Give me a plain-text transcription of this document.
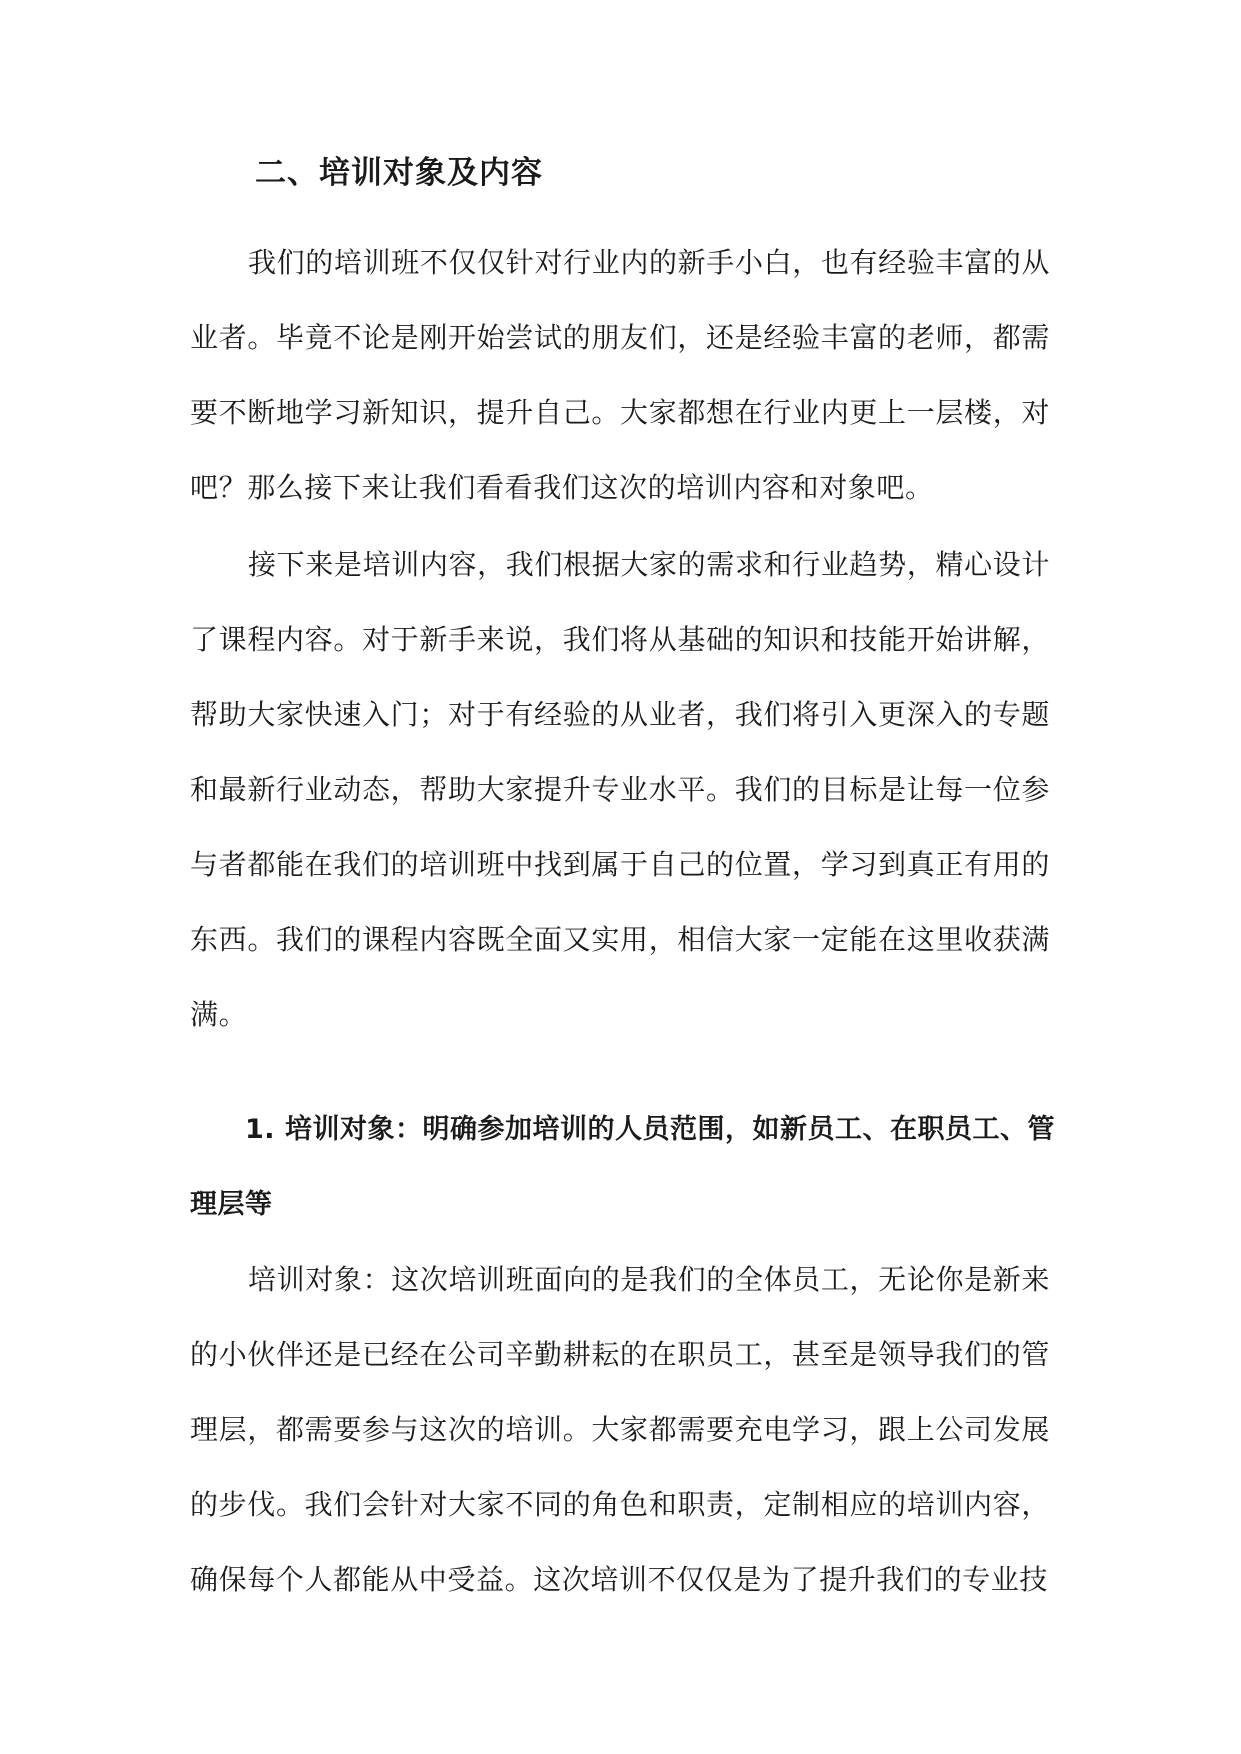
二、培训对象及内容

我们的培训班不仅仅针对行业内的新手小白，也有经验丰富的从业者。毕竟不论是刚开始尝试的朋友们，还是经验丰富的老师，都需要不断地学习新知识，提升自己。大家都想在行业内更上一层楼，对吧？那么接下来让我们看看我们这次的培训内容和对象吧。

接下来是培训内容，我们根据大家的需求和行业趋势，精心设计了课程内容。对于新手来说，我们将从基础的知识和技能开始讲解，帮助大家快速入门；对于有经验的从业者，我们将引入更深入的专题和最新行业动态，帮助大家提升专业水平。我们的目标是让每一位参与者都能在我们的培训班中找到属于自己的位置，学习到真正有用的东西。我们的课程内容既全面又实用，相信大家一定能在这里收获满满。

1. 培训对象：明确参加培训的人员范围，如新员工、在职员工、管理层等

培训对象：这次培训班面向的是我们的全体员工，无论你是新来的小伙伴还是已经在公司辛勤耕耘的在职员工，甚至是领导我们的管理层，都需要参与这次的培训。大家都需要充电学习，跟上公司发展的步伐。我们会针对大家不同的角色和职责，定制相应的培训内容，确保每个人都能从中受益。这次培训不仅仅是为了提升我们的专业技
